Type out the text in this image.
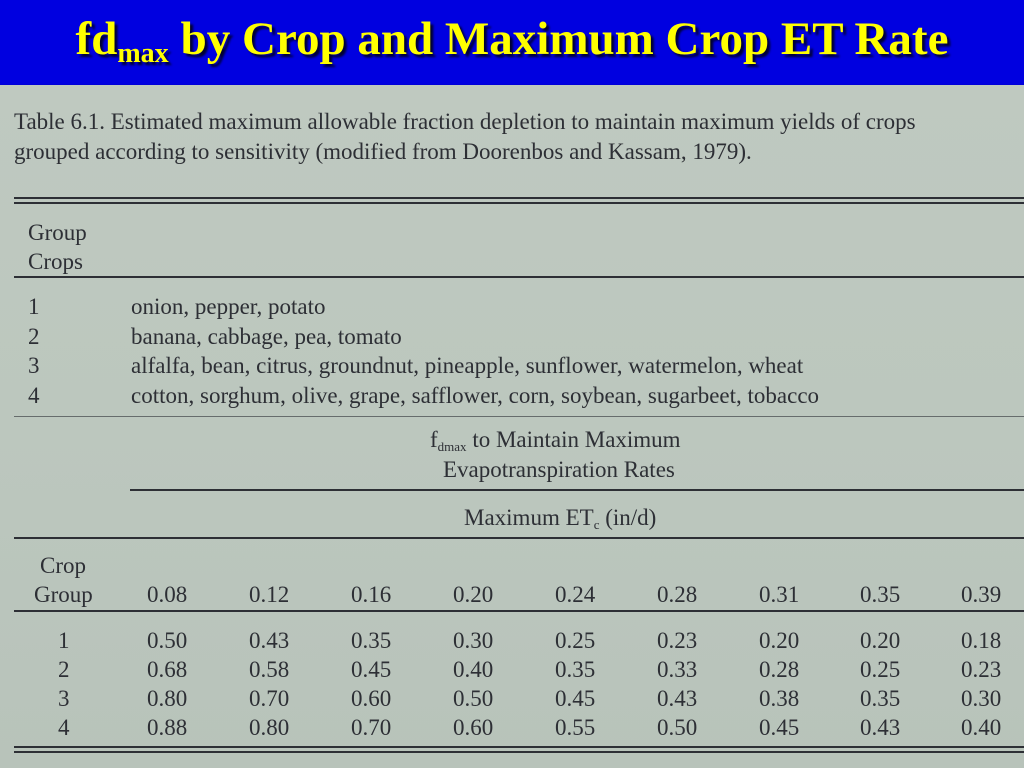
$fd_{max}$ by Crop and Maximum Crop ET Rate
Table 6.1. Estimated maximum allowable fraction depletion to maintain maximum yields of crops grouped according to sensitivity (modified from Doorenbos and Kassam, 1979).
Group
Crops
1	onion, pepper, potato
2	banana, cabbage, pea, tomato
3	alfalfa, bean, citrus, groundnut, pineapple, sunflower, watermelon, wheat
4	cotton, sorghum, olive, grape, safflower, corn, soybean, sugarbeet, tobacco
fdmax to Maintain Maximum
Evapotranspiration Rates
Maximum ETc (in/d)
Crop
Group 0.08	0.12	0.16	0.20	0.24	0.28	0.31	0.35	0.39
1	0.50	0.43	0.35	0.30	0.25	0.23	0.20	0.20	0.18
2	0.68	0.58	0.45	0.40	0.35	0.33	0.28	0.25	0.23
3	0.80	0.70	0.60	0.50	0.45	0.43	0.38	0.35	0.30
4	0.88	0.80	0.70	0.60	0.55	0.50	0.45	0.43	0.40
